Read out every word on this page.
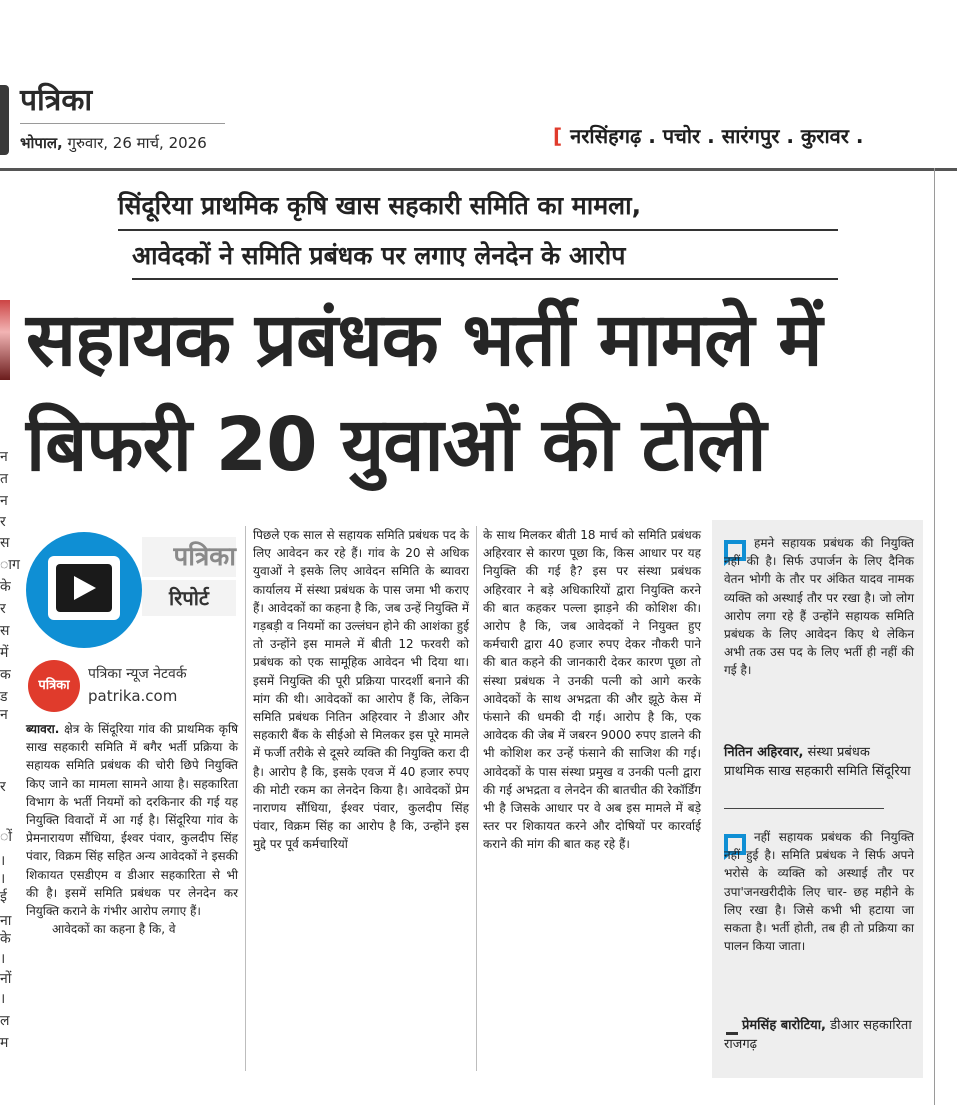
पत्रिका
भोपाल, गुरुवार, 26 मार्च, 2026	[ नरसिंहगढ़ . पचोर . सारंगपुर . कुरावर .
सिंदूरिया प्राथमिक कृषि खास सहकारी समिति का मामला,
आवेदकों ने समिति प्रबंधक पर लगाए लेनदेन के आरोप
सहायक प्रबंधक भर्ती मामले में
बिफरी 20 युवाओं की टोली
न
त
न
र
स
ाग
के
र
स
में
क
ड
न
र
ों
।
।
ई
ना
के
।
नों
।
ल
म
पत्रिका
रिपोर्ट
पत्रिका
पत्रिका न्यूज नेटवर्क
patrika.com

ब्यावरा. क्षेत्र के सिंदूरिया गांव की प्राथमिक कृषि साख सहकारी समिति में बगैर भर्ती प्रक्रिया के सहायक समिति प्रबंधक की चोरी छिपे नियुक्ति किए जाने का मामला सामने आया है। सहकारिता विभाग के भर्ती नियमों को दरकिनार की गई यह नियुक्ति विवादों में आ गई है। सिंदूरिया गांव के प्रेमनारायण सौंधिया, ईश्वर पंवार, कुलदीप सिंह पंवार, विक्रम सिंह सहित अन्य आवेदकों ने इसकी शिकायत एसडीएम व डीआर सहकारिता से भी की है। इसमें समिति प्रबंधक पर लेनदेन कर नियुक्ति कराने के गंभीर आरोप लगाए हैं।

आवेदकों का कहना है कि, वे

पिछले एक साल से सहायक समिति प्रबंधक पद के लिए आवेदन कर रहे हैं। गांव के 20 से अधिक युवाओं ने इसके लिए आवेदन समिति के ब्यावरा कार्यालय में संस्था प्रबंधक के पास जमा भी कराए हैं। आवेदकों का कहना है कि, जब उन्हें नियुक्ति में गड़बड़ी व नियमों का उल्लंघन होने की आशंका हुई तो उन्होंने इस मामले में बीती 12 फरवरी को प्रबंधक को एक सामूहिक आवेदन भी दिया था। इसमें नियुक्ति की पूरी प्रक्रिया पारदर्शी बनाने की मांग की थी। आवेदकों का आरोप हैं कि, लेकिन समिति प्रबंधक नितिन अहिरवार ने डीआर और सहकारी बैंक के सीईओ से मिलकर इस पूरे मामले में फर्जी तरीके से दूसरे व्यक्ति की नियुक्ति करा दी है। आरोप है कि, इसके एवज में 40 हजार रुपए की मोटी रकम का लेनदेन किया है। आवेदकों प्रेम नाराणय सौंधिया, ईश्वर पंवार, कुलदीप सिंह पंवार, विक्रम सिंह का आरोप है कि, उन्होंने इस मुद्दे पर पूर्व कर्मचारियों

के साथ मिलकर बीती 18 मार्च को समिति प्रबंधक अहिरवार से कारण पूछा कि, किस आधार पर यह नियुक्ति की गई है? इस पर संस्था प्रबंधक अहिरवार ने बड़े अधिकारियों द्वारा नियुक्ति करने की बात कहकर पल्ला झाड़ने की कोशिश की। आरोप है कि, जब आवेदकों ने नियुक्त हुए कर्मचारी द्वारा 40 हजार रुपए देकर नौकरी पाने की बात कहने की जानकारी देकर कारण पूछा तो संस्था प्रबंधक ने उनकी पत्नी को आगे करके आवेदकों के साथ अभद्रता की और झूठे केस में फंसाने की धमकी दी गई। आरोप है कि, एक आवेदक की जेब में जबरन 9000 रुपए डालने की भी कोशिश कर उन्हें फंसाने की साजिश की गई। आवेदकों के पास संस्था प्रमुख व उनकी पत्नी द्वारा की गई अभद्रता व लेनदेन की बातचीत की रेकॉर्डिंग भी है जिसके आधार पर वे अब इस मामले में बड़े स्तर पर शिकायत करने और दोषियों पर कारर्वाई कराने की मांग की बात कह रहे हैं।

हमने सहायक प्रबंधक की नियुक्ति नहीं की है। सिर्फ उपार्जन के लिए दैनिक वेतन भोगी के तौर पर अंकित यादव नामक व्यक्ति को अस्थाई तौर पर रखा है। जो लोग आरोप लगा रहे हैं उन्होंने सहायक समिति प्रबंधक के लिए आवेदन किए थे लेकिन अभी तक उस पद के लिए भर्ती ही नहीं की गई है।

नितिन अहिरवार, संस्था प्रबंधक प्राथमिक साख सहकारी समिति सिंदूरिया

नहीं सहायक प्रबंधक की नियुक्ति नहीं हुई है। समिति प्रबंधक ने सिर्फ अपने भरोसे के व्यक्ति को अस्थाई तौर पर उपा'जनखरीदीके लिए चार- छह महीने के लिए रखा है। जिसे कभी भी हटाया जा सकता है। भर्ती होती, तब ही तो प्रक्रिया का पालन किया जाता।

प्रेमसिंह बारोटिया, डीआर सहकारिता राजगढ़
